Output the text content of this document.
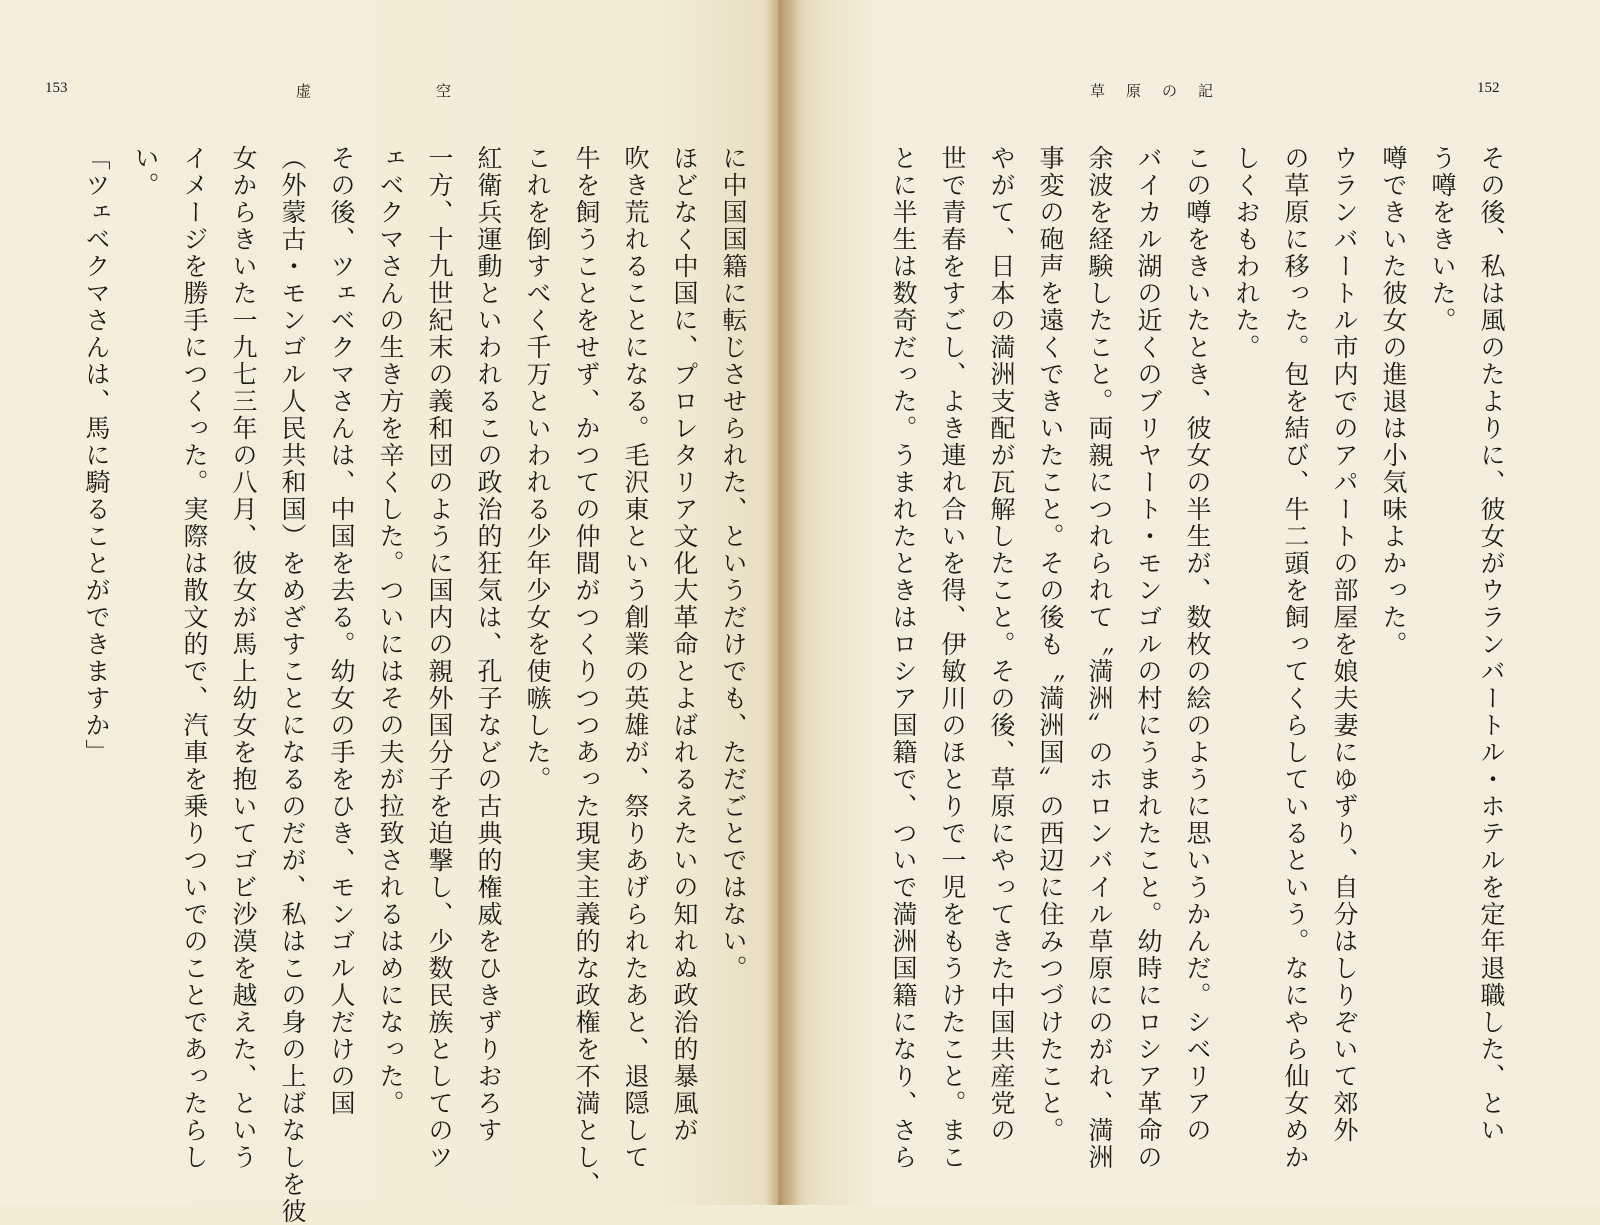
153	虚	空	草 原 の 記	152
その後、私は風のたよりに、彼女がウランバートル・ホテルを定年退職した、とい
う噂をきいた。
噂できいた彼女の進退は小気味よかった。
ウランバートル市内でのアパートの部屋を娘夫妻にゆずり、自分はしりぞいて郊外
の草原に移った。包を結び、牛二頭を飼ってくらしているという。なにやら仙女めか
しくおもわれた。
この噂をきいたとき、彼女の半生が、数枚の絵のように思いうかんだ。シベリアの
バイカル湖の近くのブリヤート・モンゴルの村にうまれたこと。幼時にロシア革命の
余波を経験したこと。両親につれられて〝満洲〟のホロンバイル草原にのがれ、満洲
事変の砲声を遠くできいたこと。その後も〝満洲国〟の西辺に住みつづけたこと。
やがて、日本の満洲支配が瓦解したこと。その後、草原にやってきた中国共産党の
世で青春をすごし、よき連れ合いを得、伊敏川のほとりで一児をもうけたこと。まこ
とに半生は数奇だった。うまれたときはロシア国籍で、ついで満洲国籍になり、さら
に中国国籍に転じさせられた、というだけでも、ただごとではない。
ほどなく中国に、プロレタリア文化大革命とよばれるえたいの知れぬ政治的暴風が
吹き荒れることになる。毛沢東という創業の英雄が、祭りあげられたあと、退隠して
牛を飼うことをせず、かつての仲間がつくりつつあった現実主義的な政権を不満とし、
これを倒すべく千万といわれる少年少女を使嗾した。
紅衛兵運動といわれるこの政治的狂気は、孔子などの古典的権威をひきずりおろす
一方、十九世紀末の義和団のように国内の親外国分子を迫撃し、少数民族としてのツ
ェベクマさんの生き方を辛くした。ついにはその夫が拉致されるはめになった。
その後、ツェベクマさんは、中国を去る。幼女の手をひき、モンゴル人だけの国
（外蒙古・モンゴル人民共和国）をめざすことになるのだが、私はこの身の上ばなしを彼
女からきいた一九七三年の八月、彼女が馬上幼女を抱いてゴビ沙漠を越えた、という
イメージを勝手につくった。実際は散文的で、汽車を乗りついでのことであったらし
い。
「ツェベクマさんは、馬に騎ることができますか」
